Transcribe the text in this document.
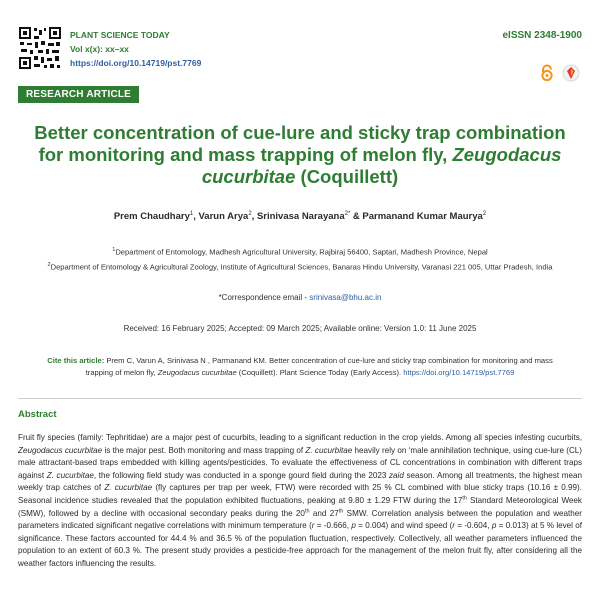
PLANT SCIENCE TODAY
Vol x(x): xx–xx
https://doi.org/10.14719/pst.7769
eISSN 2348-1900
RESEARCH ARTICLE
Better concentration of cue-lure and sticky trap combination for monitoring and mass trapping of melon fly, Zeugodacus cucurbitae (Coquillett)
Prem Chaudhary$^1$, Varun Arya$^2$, Srinivasa Narayana$^{2*}$ & Parmanand Kumar Maurya$^2$
$^1$Department of Entomology, Madhesh Agricultural University, Rajbiraj 56400, Saptari, Madhesh Province, Nepal
$^2$Department of Entomology & Agricultural Zoology, Institute of Agricultural Sciences, Banaras Hindu University, Varanasi 221 005, Uttar Pradesh, India
*Correspondence email - srinivasa@bhu.ac.in
Received: 16 February 2025; Accepted: 09 March 2025; Available online: Version 1.0: 11 June 2025
Cite this article: Prem C, Varun A, Srinivasa N , Parmanand KM. Better concentration of cue-lure and sticky trap combination for monitoring and mass trapping of melon fly, Zeugodacus cucurbitae (Coquillett). Plant Science Today (Early Access). https://doi.org/10.14719/pst.7769
Abstract
Fruit fly species (family: Tephritidae) are a major pest of cucurbits, leading to a significant reduction in the crop yields. Among all species infesting cucurbits, Zeugodacus cucurbitae is the major pest. Both monitoring and mass trapping of Z. cucurbitae heavily rely on ‘male annihilation technique, using cue-lure (CL) male attractant-based traps embedded with killing agents/pesticides. To evaluate the effectiveness of CL concentrations in combination with different traps against Z. cucurbitae, the following field study was conducted in a sponge gourd field during the 2023 zaid season. Among all treatments, the highest mean weekly trap catches of Z. cucurbitae (fly captures per trap per week, FTW) were recorded with 25 % CL combined with blue sticky traps (10.16 ± 0.99). Seasonal incidence studies revealed that the population exhibited fluctuations, peaking at 9.80 ± 1.29 FTW during the 17th Standard Meteorological Week (SMW), followed by a decline with occasional secondary peaks during the 20th and 27th SMW. Correlation analysis between the population and weather parameters indicated significant negative correlations with minimum temperature (r = -0.666, p = 0.004) and wind speed (r = -0.604, p = 0.013) at 5 % level of significance. These factors accounted for 44.4 % and 36.5 % of the population fluctuation, respectively. Collectively, all weather parameters influenced the population to an extent of 60.3 %. The present study provides a pesticide-free approach for the management of the melon fruit fly, after considering all the weather factors influencing the results.
